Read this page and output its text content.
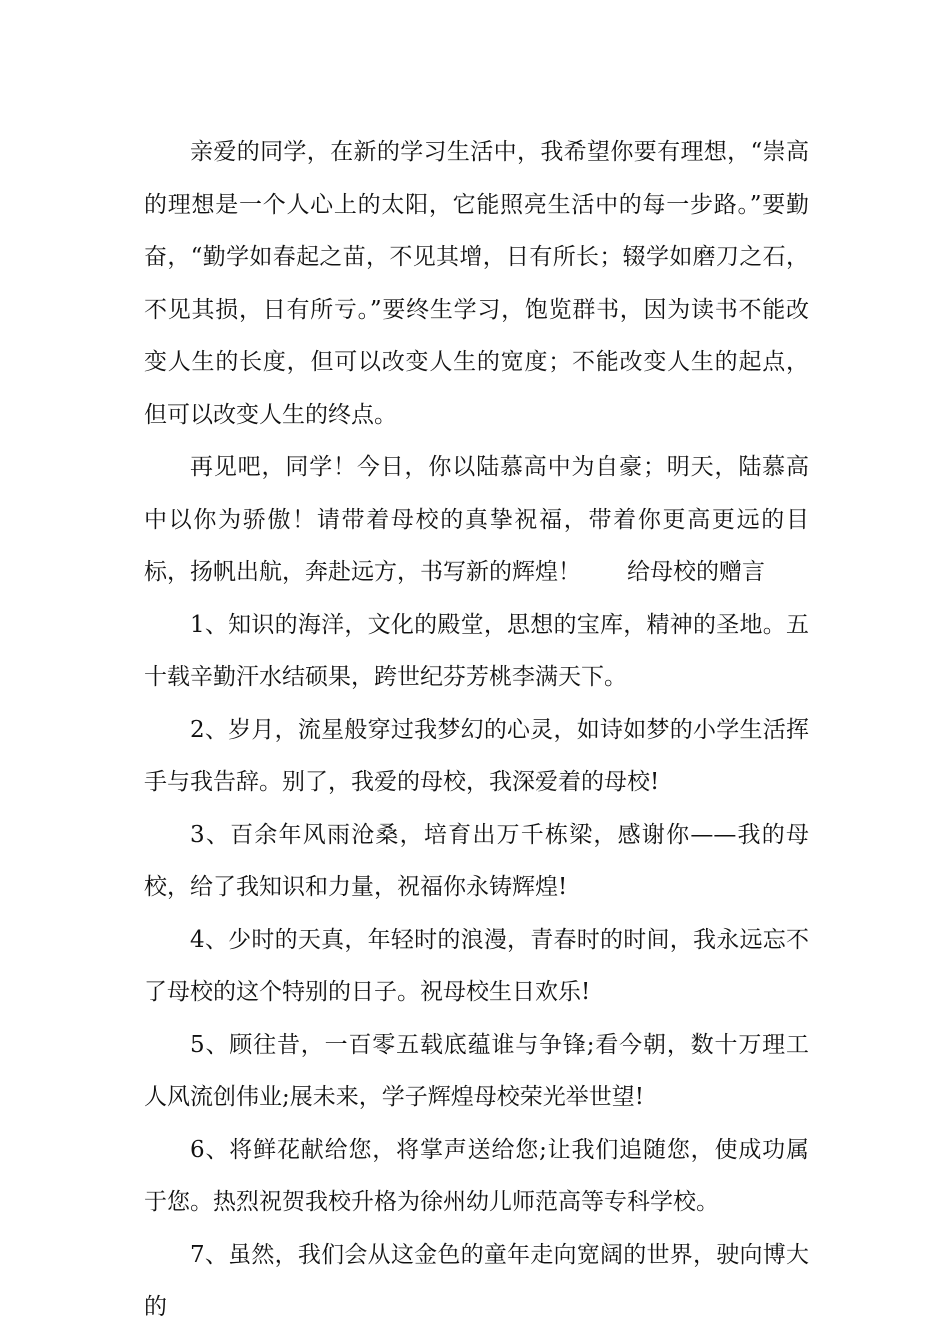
亲爱的同学，在新的学习生活中，我希望你要有理想，“崇高的理想是一个人心上的太阳，它能照亮生活中的每一步路。”要勤奋，“勤学如春起之苗，不见其增，日有所长；辍学如磨刀之石，不见其损，日有所亏。”要终生学习，饱览群书，因为读书不能改变人生的长度，但可以改变人生的宽度；不能改变人生的起点，但可以改变人生的终点。

再见吧，同学！今日，你以陆慕高中为自豪；明天，陆慕高中以你为骄傲！请带着母校的真挚祝福，带着你更高更远的目标，扬帆出航，奔赴远方，书写新的辉煌！　　给母校的赠言

1、知识的海洋，文化的殿堂，思想的宝库，精神的圣地。五十载辛勤汗水结硕果，跨世纪芬芳桃李满天下。

2、岁月，流星般穿过我梦幻的心灵，如诗如梦的小学生活挥手与我告辞。别了，我爱的母校，我深爱着的母校!

3、百余年风雨沧桑，培育出万千栋梁，感谢你——我的母校，给了我知识和力量，祝福你永铸辉煌!

4、少时的天真，年轻时的浪漫，青春时的时间，我永远忘不了母校的这个特别的日子。祝母校生日欢乐!

5、顾往昔，一百零五载底蕴谁与争锋;看今朝，数十万理工人风流创伟业;展未来，学子辉煌母校荣光举世望!

6、将鲜花献给您，将掌声送给您;让我们追随您，使成功属于您。热烈祝贺我校升格为徐州幼儿师范高等专科学校。

7、虽然，我们会从这金色的童年走向宽阔的世界，驶向博大的
